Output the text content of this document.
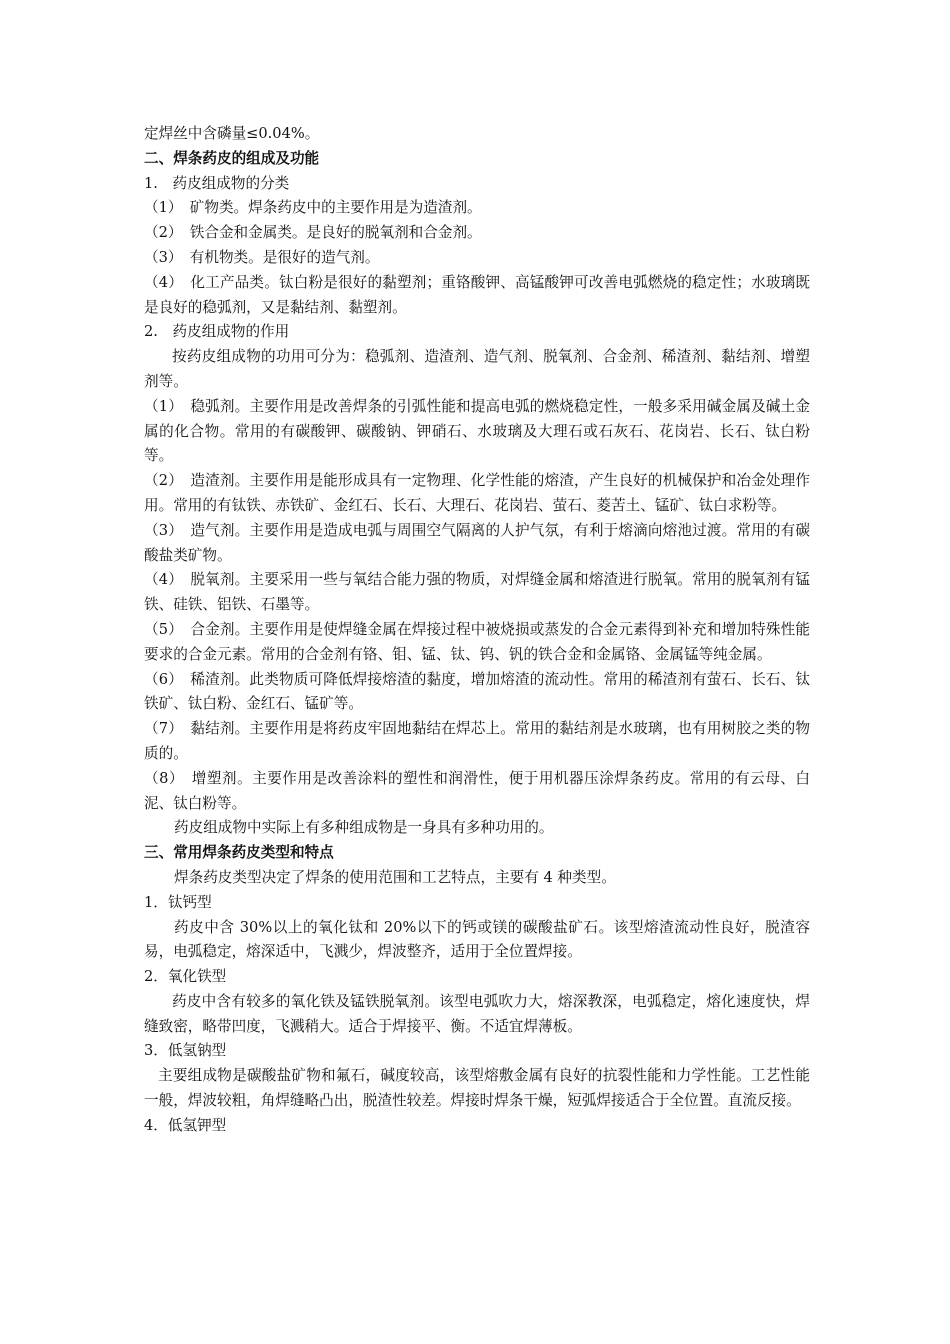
定焊丝中含磷量≤0.04%。

二、焊条药皮的组成及功能

1.　药皮组成物的分类

（1）　矿物类。焊条药皮中的主要作用是为造渣剂。

（2）　铁合金和金属类。是良好的脱氧剂和合金剂。

（3）　有机物类。是很好的造气剂。

（4）　化工产品类。钛白粉是很好的黏塑剂；重铬酸钾、高锰酸钾可改善电弧燃烧的稳定性；水玻璃既是良好的稳弧剂，又是黏结剂、黏塑剂。

2.　药皮组成物的作用

按药皮组成物的功用可分为：稳弧剂、造渣剂、造气剂、脱氧剂、合金剂、稀渣剂、黏结剂、增塑剂等。

（1）　稳弧剂。主要作用是改善焊条的引弧性能和提高电弧的燃烧稳定性，一般多采用碱金属及碱土金属的化合物。常用的有碳酸钾、碳酸钠、钾硝石、水玻璃及大理石或石灰石、花岗岩、长石、钛白粉等。

（2）　造渣剂。主要作用是能形成具有一定物理、化学性能的熔渣，产生良好的机械保护和冶金处理作用。常用的有钛铁、赤铁矿、金红石、长石、大理石、花岗岩、萤石、菱苦土、锰矿、钛白求粉等。

（3）　造气剂。主要作用是造成电弧与周围空气隔离的人护气氛，有利于熔滴向熔池过渡。常用的有碳酸盐类矿物。

（4）　脱氧剂。主要采用一些与氧结合能力强的物质，对焊缝金属和熔渣进行脱氧。常用的脱氧剂有锰铁、硅铁、铝铁、石墨等。

（5）　合金剂。主要作用是使焊缝金属在焊接过程中被烧损或蒸发的合金元素得到补充和增加特殊性能要求的合金元素。常用的合金剂有铬、钼、锰、钛、钨、钒的铁合金和金属铬、金属锰等纯金属。

（6）　稀渣剂。此类物质可降低焊接熔渣的黏度，增加熔渣的流动性。常用的稀渣剂有萤石、长石、钛铁矿、钛白粉、金红石、锰矿等。

（7）　黏结剂。主要作用是将药皮牢固地黏结在焊芯上。常用的黏结剂是水玻璃，也有用树胶之类的物质的。

（8）　增塑剂。主要作用是改善涂料的塑性和润滑性，便于用机器压涂焊条药皮。常用的有云母、白泥、钛白粉等。

药皮组成物中实际上有多种组成物是一身具有多种功用的。

三、常用焊条药皮类型和特点

焊条药皮类型决定了焊条的使用范围和工艺特点，主要有 4 种类型。

1．钛钙型

药皮中含 30%以上的氧化钛和 20%以下的钙或镁的碳酸盐矿石。该型熔渣流动性良好，脱渣容易，电弧稳定，熔深适中，飞溅少，焊波整齐，适用于全位置焊接。

2．氧化铁型

药皮中含有较多的氧化铁及锰铁脱氧剂。该型电弧吹力大，熔深教深，电弧稳定，熔化速度快，焊缝致密，略带凹度，飞溅稍大。适合于焊接平、衡。不适宜焊薄板。

3．低氢钠型

主要组成物是碳酸盐矿物和氟石，碱度较高，该型熔敷金属有良好的抗裂性能和力学性能。工艺性能一般，焊波较粗，角焊缝略凸出，脱渣性较差。焊接时焊条干燥，短弧焊接适合于全位置。直流反接。

4．低氢钾型
